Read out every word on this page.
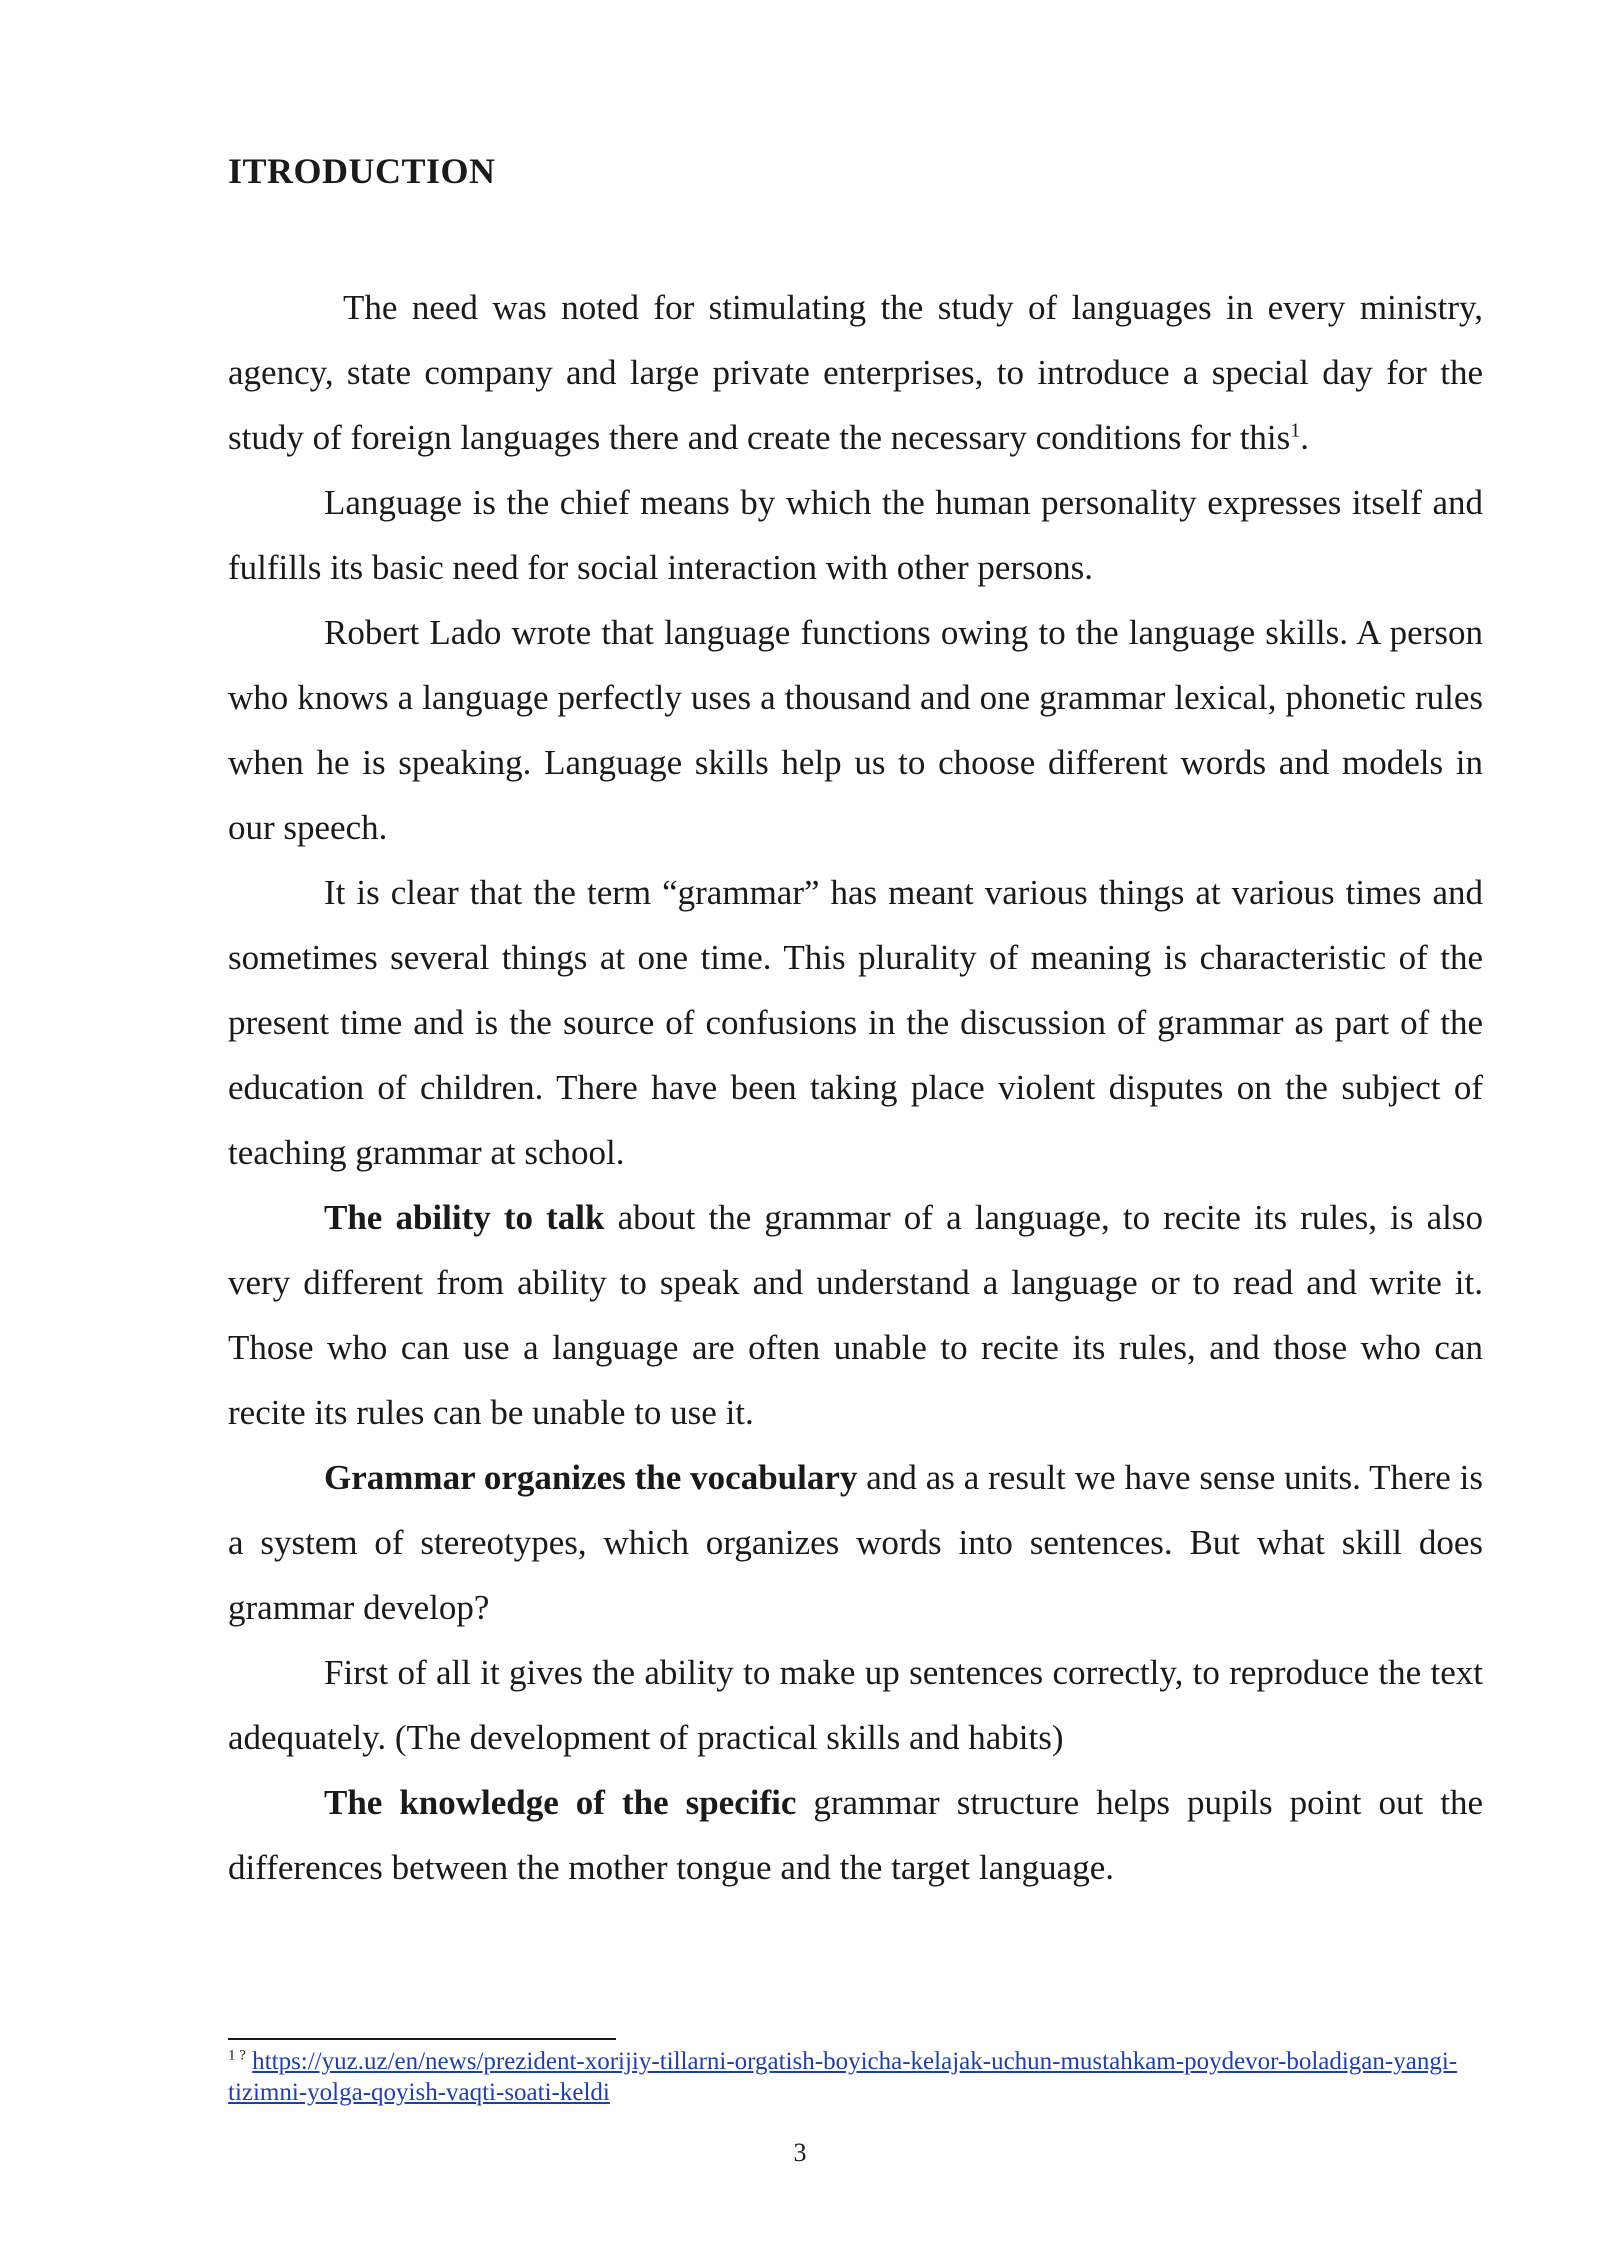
ITRODUCTION

The need was noted for stimulating the study of languages in every ministry, agency, state company and large private enterprises, to introduce a special day for the study of foreign languages there and create the necessary conditions for this$^1$.

Language is the chief means by which the human personality expresses itself and fulfills its basic need for social interaction with other persons.

Robert Lado wrote that language functions owing to the language skills. A person who knows a language perfectly uses a thousand and one grammar lexical, phonetic rules when he is speaking. Language skills help us to choose different words and models in our speech.

It is clear that the term “grammar” has meant various things at various times and sometimes several things at one time. This plurality of meaning is characteristic of the present time and is the source of confusions in the discussion of grammar as part of the education of children. There have been taking place violent disputes on the subject of teaching grammar at school.

The ability to talk about the grammar of a language, to recite its rules, is also very different from ability to speak and understand a language or to read and write it. Those who can use a language are often unable to recite its rules, and those who can recite its rules can be unable to use it.

Grammar organizes the vocabulary and as a result we have sense units. There is a system of stereotypes, which organizes words into sentences. But what skill does grammar develop?

First of all it gives the ability to make up sentences correctly, to reproduce the text adequately. (The development of practical skills and habits)

The knowledge of the specific grammar structure helps pupils point out the differences between the mother tongue and the target language.

$^{1 ?}$ https://yuz.uz/en/news/prezident-xorijiy-tillarni-orgatish-boyicha-kelajak-uchun-mustahkam-poydevor-boladigan-yangi-tizimni-yolga-qoyish-vaqti-soati-keldi

3
